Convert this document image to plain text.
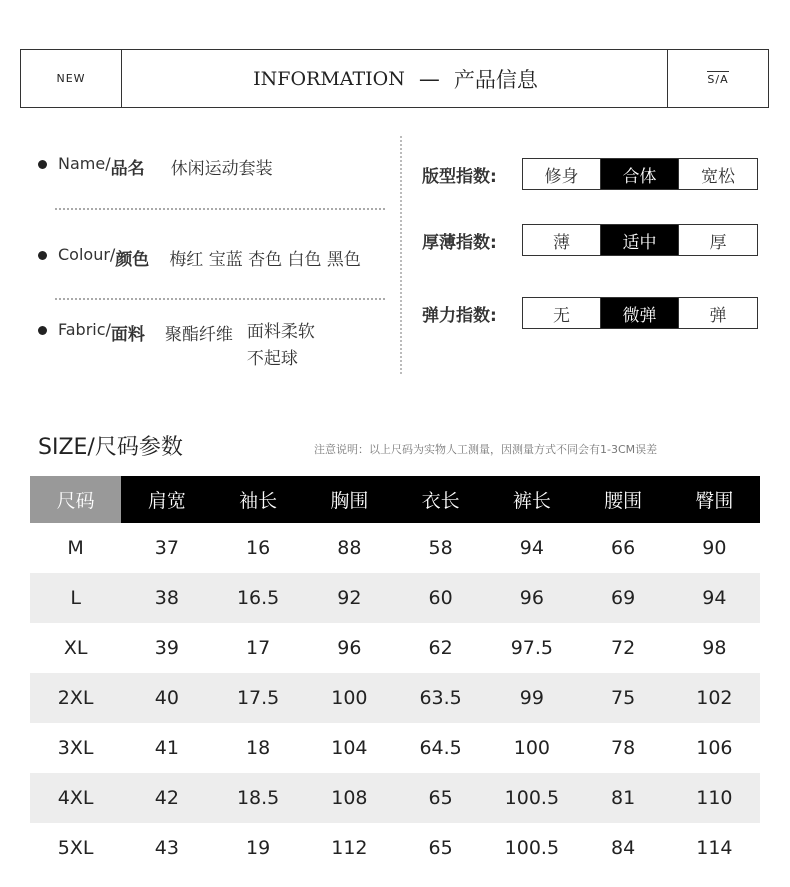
NEW	INFORMATION — 产品信息	S/A
Name/ 品名 休闲运动套装
Colour/ 颜色 梅红 宝蓝 杏色 白色 黑色
Fabric/ 面料 聚酯纤维 面料柔软
不起球
版型指数:	修身	合体	宽松
厚薄指数:	薄	适中	厚
弹力指数:	无	微弹	弹
SIZE/尺码参数	注意说明：以上尺码为实物人工测量，因测量方式不同会有1-3CM误差
尺码	肩宽	袖长	胸围	衣长	裤长	腰围	臀围
M	37	16	88	58	94	66	90
L	38	16.5	92	60	96	69	94
XL	39	17	96	62	97.5	72	98
2XL	40	17.5	100	63.5	99	75	102
3XL	41	18	104	64.5	100	78	106
4XL	42	18.5	108	65	100.5	81	110
5XL	43	19	112	65	100.5	84	114
